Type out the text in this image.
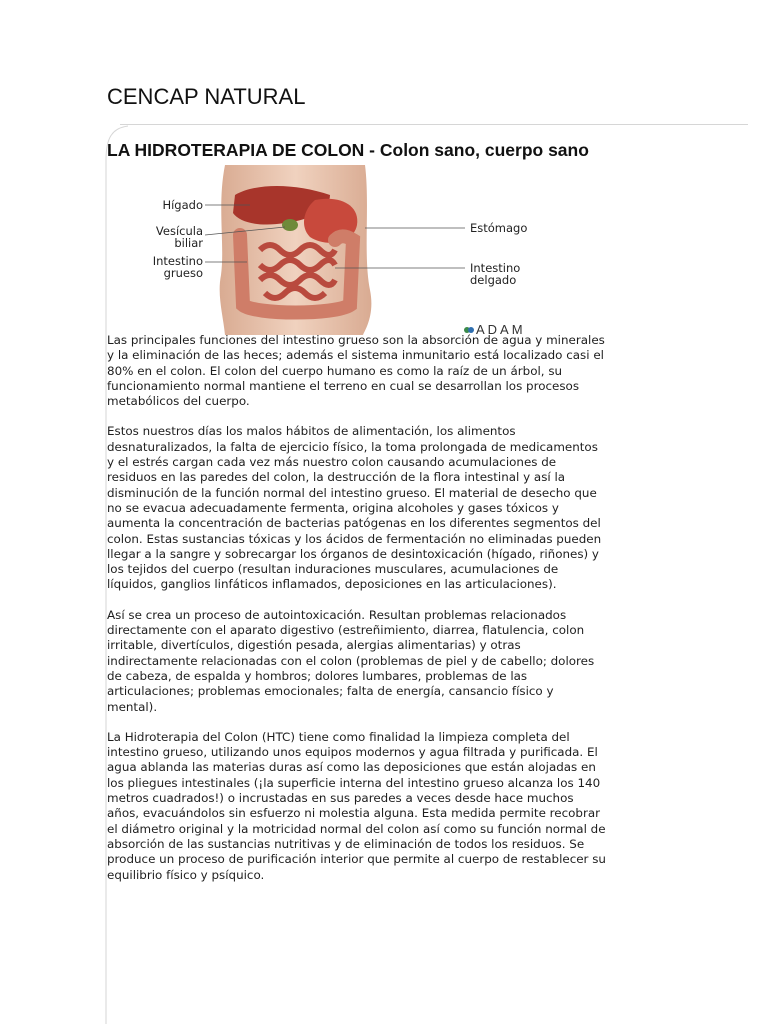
CENCAP NATURAL
LA HIDROTERAPIA DE COLON - Colon sano, cuerpo sano
Hígado
Vesícula
biliar
Intestino
grueso
Estómago
Intestino
delgado
ADAM

Las principales funciones del intestino grueso son la absorción de agua y minerales
y la eliminación de las heces; además el sistema inmunitario está localizado casi el
80% en el colon. El colon del cuerpo humano es como la raíz de un árbol, su
funcionamiento normal mantiene el terreno en cual se desarrollan los procesos
metabólicos del cuerpo.

Estos nuestros días los malos hábitos de alimentación, los alimentos
desnaturalizados, la falta de ejercicio físico, la toma prolongada de medicamentos
y el estrés cargan cada vez más nuestro colon causando acumulaciones de
residuos en las paredes del colon, la destrucción de la flora intestinal y así la
disminución de la función normal del intestino grueso. El material de desecho que
no se evacua adecuadamente fermenta, origina alcoholes y gases tóxicos y
aumenta la concentración de bacterias patógenas en los diferentes segmentos del
colon. Estas sustancias tóxicas y los ácidos de fermentación no eliminadas pueden
llegar a la sangre y sobrecargar los órganos de desintoxicación (hígado, riñones) y
los tejidos del cuerpo (resultan induraciones musculares, acumulaciones de
líquidos, ganglios linfáticos inflamados, deposiciones en las articulaciones).

Así se crea un proceso de autointoxicación. Resultan problemas relacionados
directamente con el aparato digestivo (estreñimiento, diarrea, flatulencia, colon
irritable, divertículos, digestión pesada, alergias alimentarias) y otras
indirectamente relacionadas con el colon (problemas de piel y de cabello; dolores
de cabeza, de espalda y hombros; dolores lumbares, problemas de las
articulaciones; problemas emocionales; falta de energía, cansancio físico y
mental).

La Hidroterapia del Colon (HTC) tiene como finalidad la limpieza completa del
intestino grueso, utilizando unos equipos modernos y agua filtrada y purificada. El
agua ablanda las materias duras así como las deposiciones que están alojadas en
los pliegues intestinales (¡la superficie interna del intestino grueso alcanza los 140
metros cuadrados!) o incrustadas en sus paredes a veces desde hace muchos
años, evacuándolos sin esfuerzo ni molestia alguna. Esta medida permite recobrar
el diámetro original y la motricidad normal del colon así como su función normal de
absorción de las sustancias nutritivas y de eliminación de todos los residuos. Se
produce un proceso de purificación interior que permite al cuerpo de restablecer su
equilibrio físico y psíquico.
